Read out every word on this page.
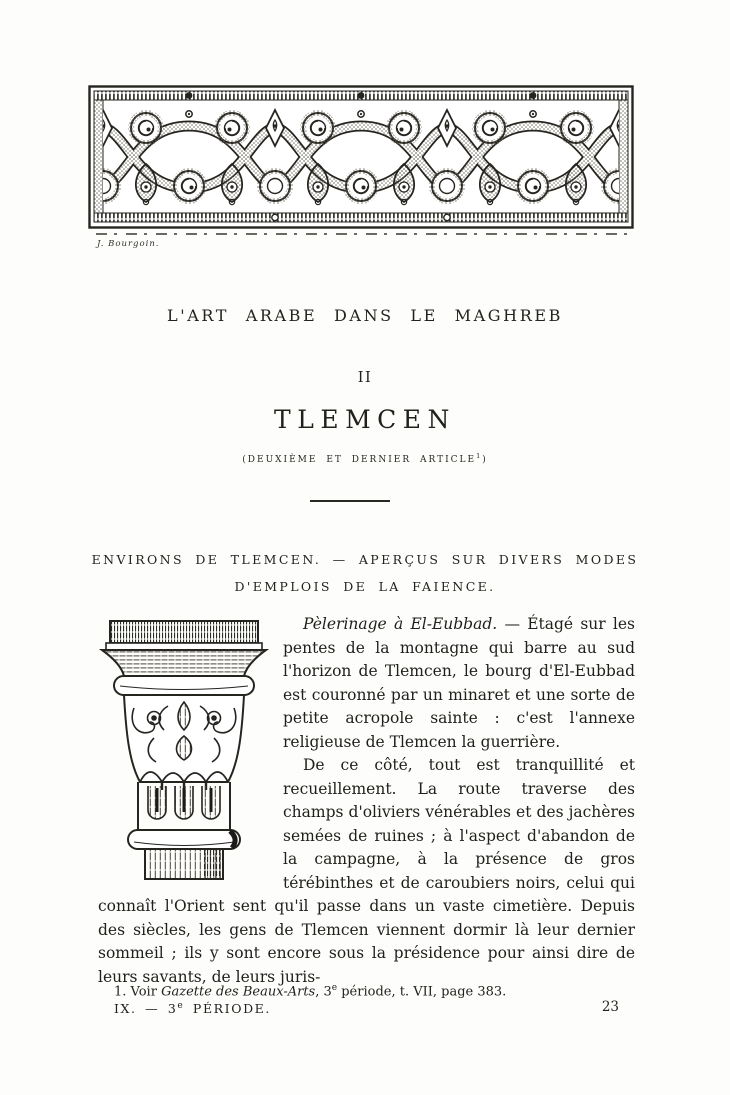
J. Bourgoin.
L'ART ARABE DANS LE MAGHREB
II
TLEMCEN
(DEUXIÈME ET DERNIER ARTICLE$^1$)
ENVIRONS DE TLEMCEN. — APERÇUS SUR DIVERS MODES
D'EMPLOIS DE LA FAIENCE.

Pèlerinage à El-Eubbad. — Étagé sur les pentes de la montagne qui barre au sud l'horizon de Tlemcen, le bourg d'El-Eubbad est couronné par un minaret et une sorte de petite acropole sainte : c'est l'annexe religieuse de Tlemcen la guerrière.

De ce côté, tout est tranquillité et recueillement. La route traverse des champs d'oliviers vénérables et des jachères semées de ruines ; à l'aspect d'abandon de la campagne, à la présence de gros térébinthes et de caroubiers noirs, celui qui connaît l'Orient sent qu'il passe dans un vaste cimetière. Depuis des siècles, les gens de Tlemcen viennent dormir là leur dernier sommeil ; ils y sont encore sous la présidence pour ainsi dire de leurs savants, de leurs juris-

1. Voir Gazette des Beaux-Arts, 3e période, t. VII, page 383.
IX. — 3e PÉRIODE.	23
